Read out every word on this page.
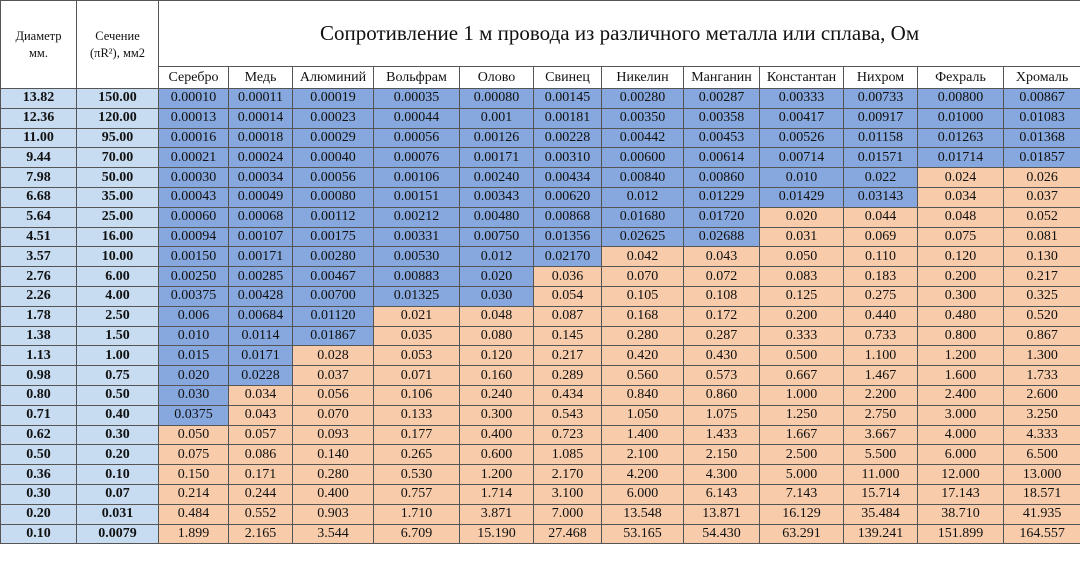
Диаметр
мм.	Сечение
(πR²), мм2	Сопротивление 1 м провода из различного металла или сплава, Ом											
		Серебро	Медь	Алюминий	Вольфрам	Олово	Свинец	Никелин	Манганин	Константан	Нихром	Фехраль	Хромаль
13.82	150.00	0.00010	0.00011	0.00019	0.00035	0.00080	0.00145	0.00280	0.00287	0.00333	0.00733	0.00800	0.00867
12.36	120.00	0.00013	0.00014	0.00023	0.00044	0.001	0.00181	0.00350	0.00358	0.00417	0.00917	0.01000	0.01083
11.00	95.00	0.00016	0.00018	0.00029	0.00056	0.00126	0.00228	0.00442	0.00453	0.00526	0.01158	0.01263	0.01368
9.44	70.00	0.00021	0.00024	0.00040	0.00076	0.00171	0.00310	0.00600	0.00614	0.00714	0.01571	0.01714	0.01857
7.98	50.00	0.00030	0.00034	0.00056	0.00106	0.00240	0.00434	0.00840	0.00860	0.010	0.022	0.024	0.026
6.68	35.00	0.00043	0.00049	0.00080	0.00151	0.00343	0.00620	0.012	0.01229	0.01429	0.03143	0.034	0.037
5.64	25.00	0.00060	0.00068	0.00112	0.00212	0.00480	0.00868	0.01680	0.01720	0.020	0.044	0.048	0.052
4.51	16.00	0.00094	0.00107	0.00175	0.00331	0.00750	0.01356	0.02625	0.02688	0.031	0.069	0.075	0.081
3.57	10.00	0.00150	0.00171	0.00280	0.00530	0.012	0.02170	0.042	0.043	0.050	0.110	0.120	0.130
2.76	6.00	0.00250	0.00285	0.00467	0.00883	0.020	0.036	0.070	0.072	0.083	0.183	0.200	0.217
2.26	4.00	0.00375	0.00428	0.00700	0.01325	0.030	0.054	0.105	0.108	0.125	0.275	0.300	0.325
1.78	2.50	0.006	0.00684	0.01120	0.021	0.048	0.087	0.168	0.172	0.200	0.440	0.480	0.520
1.38	1.50	0.010	0.0114	0.01867	0.035	0.080	0.145	0.280	0.287	0.333	0.733	0.800	0.867
1.13	1.00	0.015	0.0171	0.028	0.053	0.120	0.217	0.420	0.430	0.500	1.100	1.200	1.300
0.98	0.75	0.020	0.0228	0.037	0.071	0.160	0.289	0.560	0.573	0.667	1.467	1.600	1.733
0.80	0.50	0.030	0.034	0.056	0.106	0.240	0.434	0.840	0.860	1.000	2.200	2.400	2.600
0.71	0.40	0.0375	0.043	0.070	0.133	0.300	0.543	1.050	1.075	1.250	2.750	3.000	3.250
0.62	0.30	0.050	0.057	0.093	0.177	0.400	0.723	1.400	1.433	1.667	3.667	4.000	4.333
0.50	0.20	0.075	0.086	0.140	0.265	0.600	1.085	2.100	2.150	2.500	5.500	6.000	6.500
0.36	0.10	0.150	0.171	0.280	0.530	1.200	2.170	4.200	4.300	5.000	11.000	12.000	13.000
0.30	0.07	0.214	0.244	0.400	0.757	1.714	3.100	6.000	6.143	7.143	15.714	17.143	18.571
0.20	0.031	0.484	0.552	0.903	1.710	3.871	7.000	13.548	13.871	16.129	35.484	38.710	41.935
0.10	0.0079	1.899	2.165	3.544	6.709	15.190	27.468	53.165	54.430	63.291	139.241	151.899	164.557
